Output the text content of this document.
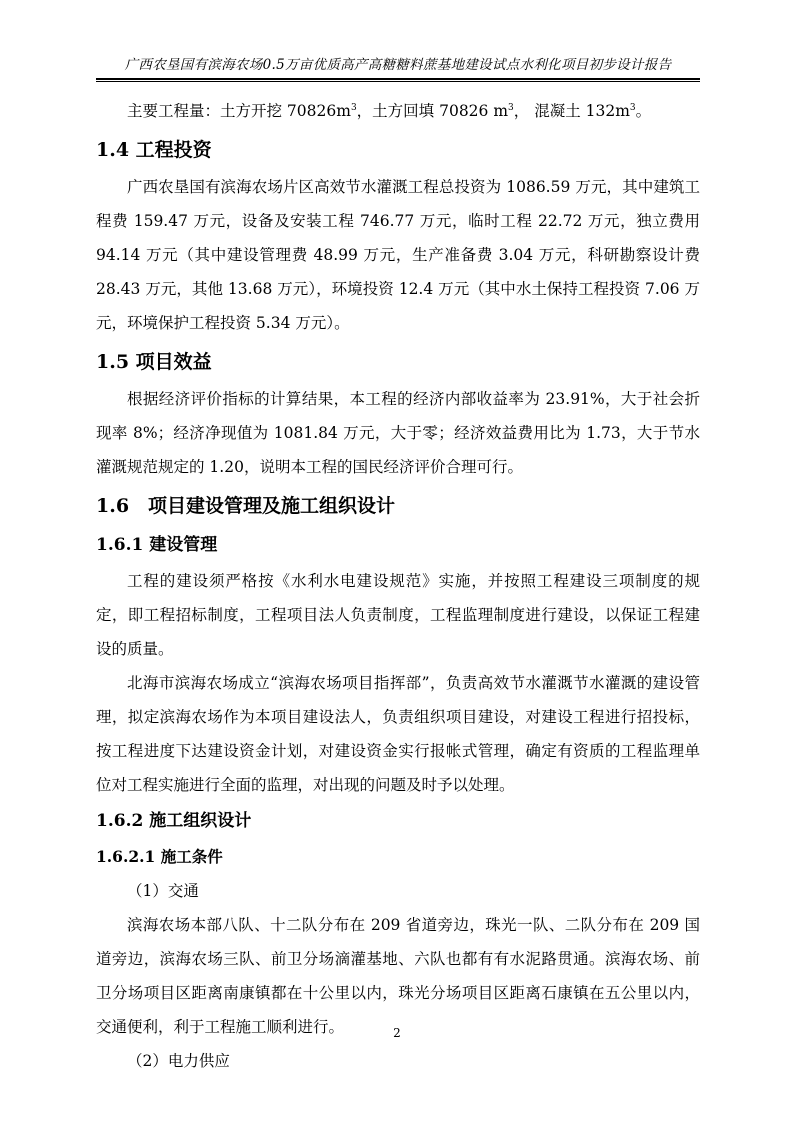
广西农垦国有滨海农场0.5万亩优质高产高糖糖料蔗基地建设试点水利化项目初步设计报告

主要工程量：土方开挖 $70826m^3$，土方回填 70826 $m^3$， 混凝土 $132m^3$。

1.4 工程投资

广西农垦国有滨海农场片区高效节水灌溉工程总投资为 1086.59 万元，其中建筑工程费 159.47 万元，设备及安装工程 746.77 万元，临时工程 22.72 万元，独立费用 94.14 万元（其中建设管理费 48.99 万元，生产准备费 3.04 万元，科研勘察设计费 28.43 万元，其他 13.68 万元），环境投资 12.4 万元（其中水土保持工程投资 7.06 万元，环境保护工程投资 5.34 万元）。

1.5 项目效益

根据经济评价指标的计算结果，本工程的经济内部收益率为 23.91%，大于社会折现率 8%；经济净现值为 1081.84 万元，大于零；经济效益费用比为 1.73，大于节水灌溉规范规定的 1.20，说明本工程的国民经济评价合理可行。

1.6　项目建设管理及施工组织设计
1.6.1 建设管理

工程的建设须严格按《水利水电建设规范》实施，并按照工程建设三项制度的规定，即工程招标制度，工程项目法人负责制度，工程监理制度进行建设，以保证工程建设的质量。

北海市滨海农场成立“滨海农场项目指挥部”，负责高效节水灌溉节水灌溉的建设管理，拟定滨海农场作为本项目建设法人，负责组织项目建设，对建设工程进行招投标，按工程进度下达建设资金计划，对建设资金实行报帐式管理，确定有资质的工程监理单位对工程实施进行全面的监理，对出现的问题及时予以处理。

1.6.2 施工组织设计
1.6.2.1 施工条件

（1）交通

滨海农场本部八队、十二队分布在 209 省道旁边，珠光一队、二队分布在 209 国道旁边，滨海农场三队、前卫分场滴灌基地、六队也都有有水泥路贯通。滨海农场、前卫分场项目区距离南康镇都在十公里以内，珠光分场项目区距离石康镇在五公里以内，交通便利，利于工程施工顺利进行。

（2）电力供应

2
